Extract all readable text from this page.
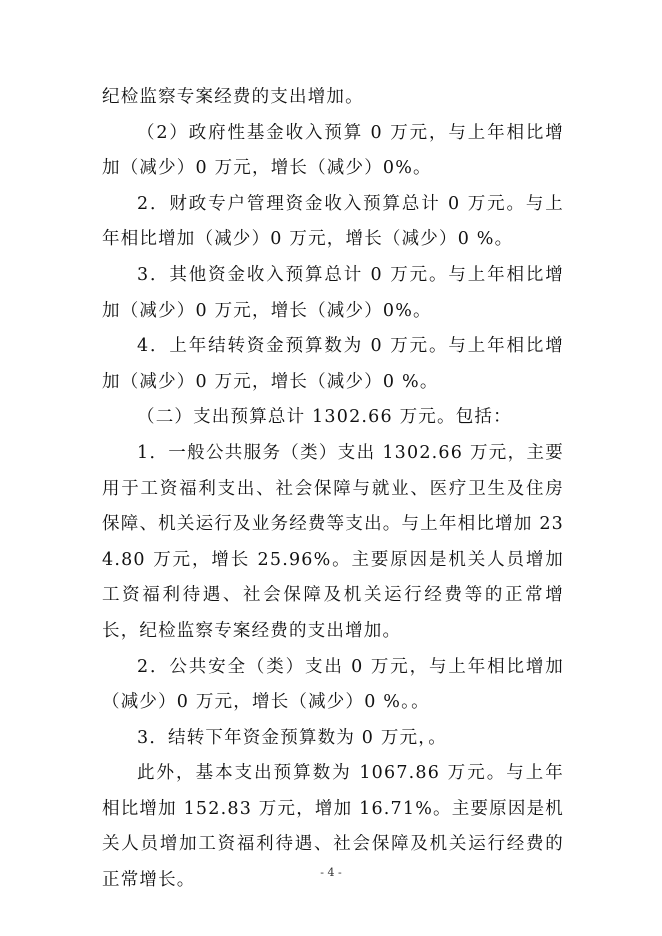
纪检监察专案经费的支出增加。

（2）政府性基金收入预算 0 万元，与上年相比增加（减少）0 万元，增长（减少）0%。

2．财政专户管理资金收入预算总计 0 万元。与上年相比增加（减少）0 万元，增长（减少）0 %。

3．其他资金收入预算总计 0 万元。与上年相比增加（减少）0 万元，增长（减少）0%。

4．上年结转资金预算数为 0 万元。与上年相比增加（减少）0 万元，增长（减少）0 %。

（二）支出预算总计 1302.66 万元。包括：

1．一般公共服务（类）支出 1302.66 万元，主要用于工资福利支出、社会保障与就业、医疗卫生及住房保障、机关运行及业务经费等支出。与上年相比增加 234.80 万元，增长 25.96%。主要原因是机关人员增加工资福利待遇、社会保障及机关运行经费等的正常增长，纪检监察专案经费的支出增加。

2．公共安全（类）支出 0 万元，与上年相比增加（减少）0 万元，增长（减少）0 %。。

3．结转下年资金预算数为 0 万元，。

此外，基本支出预算数为 1067.86 万元。与上年相比增加 152.83 万元，增加 16.71%。主要原因是机关人员增加工资福利待遇、社会保障及机关运行经费的正常增长。	- 4 -
